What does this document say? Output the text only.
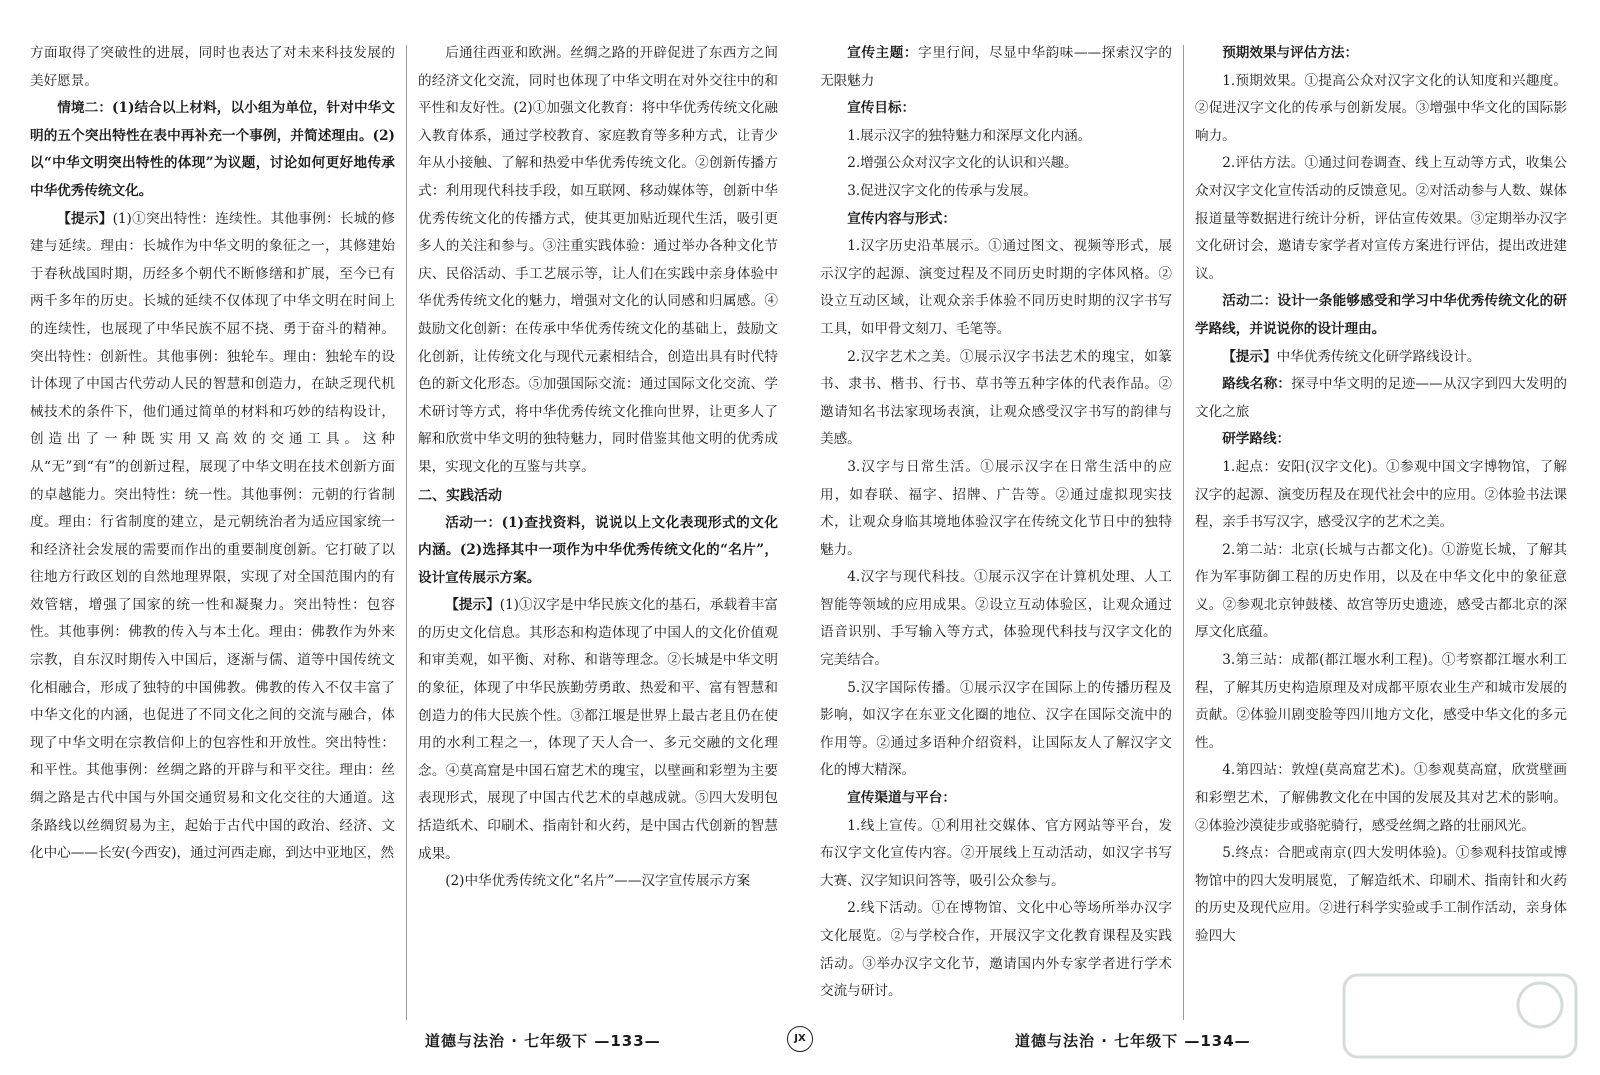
方面取得了突破性的进展，同时也表达了对未来科技发展的美好愿景。

情境二：(1)结合以上材料，以小组为单位，针对中华文明的五个突出特性在表中再补充一个事例，并简述理由。(2)以“中华文明突出特性的体现”为议题，讨论如何更好地传承中华优秀传统文化。

【提示】(1)①突出特性：连续性。其他事例：长城的修建与延续。理由：长城作为中华文明的象征之一，其修建始于春秋战国时期，历经多个朝代不断修缮和扩展，至今已有两千多年的历史。长城的延续不仅体现了中华文明在时间上的连续性，也展现了中华民族不屈不挠、勇于奋斗的精神。突出特性：创新性。其他事例：独轮车。理由：独轮车的设计体现了中国古代劳动人民的智慧和创造力，在缺乏现代机械技术的条件下，他们通过简单的材料和巧妙的结构设计，创造出了一种既实用又高效的交通工具。这种从“无”到“有”的创新过程，展现了中华文明在技术创新方面的卓越能力。突出特性：统一性。其他事例：元朝的行省制度。理由：行省制度的建立，是元朝统治者为适应国家统一和经济社会发展的需要而作出的重要制度创新。它打破了以往地方行政区划的自然地理界限，实现了对全国范围内的有效管辖，增强了国家的统一性和凝聚力。突出特性：包容性。其他事例：佛教的传入与本土化。理由：佛教作为外来宗教，自东汉时期传入中国后，逐渐与儒、道等中国传统文化相融合，形成了独特的中国佛教。佛教的传入不仅丰富了中华文化的内涵，也促进了不同文化之间的交流与融合，体现了中华文明在宗教信仰上的包容性和开放性。突出特性：和平性。其他事例：丝绸之路的开辟与和平交往。理由：丝绸之路是古代中国与外国交通贸易和文化交往的大通道。这条路线以丝绸贸易为主，起始于古代中国的政治、经济、文化中心——长安(今西安)，通过河西走廊，到达中亚地区，然

后通往西亚和欧洲。丝绸之路的开辟促进了东西方之间的经济文化交流，同时也体现了中华文明在对外交往中的和平性和友好性。(2)①加强文化教育：将中华优秀传统文化融入教育体系，通过学校教育、家庭教育等多种方式，让青少年从小接触、了解和热爱中华优秀传统文化。②创新传播方式：利用现代科技手段，如互联网、移动媒体等，创新中华优秀传统文化的传播方式，使其更加贴近现代生活，吸引更多人的关注和参与。③注重实践体验：通过举办各种文化节庆、民俗活动、手工艺展示等，让人们在实践中亲身体验中华优秀传统文化的魅力，增强对文化的认同感和归属感。④鼓励文化创新：在传承中华优秀传统文化的基础上，鼓励文化创新，让传统文化与现代元素相结合，创造出具有时代特色的新文化形态。⑤加强国际交流：通过国际文化交流、学术研讨等方式，将中华优秀传统文化推向世界，让更多人了解和欣赏中华文明的独特魅力，同时借鉴其他文明的优秀成果，实现文化的互鉴与共享。

二、实践活动

活动一：(1)查找资料，说说以上文化表现形式的文化内涵。(2)选择其中一项作为中华优秀传统文化的“名片”，设计宣传展示方案。

【提示】(1)①汉字是中华民族文化的基石，承载着丰富的历史文化信息。其形态和构造体现了中国人的文化价值观和审美观，如平衡、对称、和谐等理念。②长城是中华文明的象征，体现了中华民族勤劳勇敢、热爱和平、富有智慧和创造力的伟大民族个性。③都江堰是世界上最古老且仍在使用的水利工程之一，体现了天人合一、多元交融的文化理念。④莫高窟是中国石窟艺术的瑰宝，以壁画和彩塑为主要表现形式，展现了中国古代艺术的卓越成就。⑤四大发明包括造纸术、印刷术、指南针和火药，是中国古代创新的智慧成果。

(2)中华优秀传统文化“名片”——汉字宣传展示方案

道德与法治 · 七年级下 —133—	JX

宣传主题：字里行间，尽显中华韵味——探索汉字的无限魅力

宣传目标：

1.展示汉字的独特魅力和深厚文化内涵。

2.增强公众对汉字文化的认识和兴趣。

3.促进汉字文化的传承与发展。

宣传内容与形式：

1.汉字历史沿革展示。①通过图文、视频等形式，展示汉字的起源、演变过程及不同历史时期的字体风格。②设立互动区域，让观众亲手体验不同历史时期的汉字书写工具，如甲骨文刻刀、毛笔等。

2.汉字艺术之美。①展示汉字书法艺术的瑰宝，如篆书、隶书、楷书、行书、草书等五种字体的代表作品。②邀请知名书法家现场表演，让观众感受汉字书写的韵律与美感。

3.汉字与日常生活。①展示汉字在日常生活中的应用，如春联、福字、招牌、广告等。②通过虚拟现实技术，让观众身临其境地体验汉字在传统文化节日中的独特魅力。

4.汉字与现代科技。①展示汉字在计算机处理、人工智能等领域的应用成果。②设立互动体验区，让观众通过语音识别、手写输入等方式，体验现代科技与汉字文化的完美结合。

5.汉字国际传播。①展示汉字在国际上的传播历程及影响，如汉字在东亚文化圈的地位、汉字在国际交流中的作用等。②通过多语种介绍资料，让国际友人了解汉字文化的博大精深。

宣传渠道与平台：

1.线上宣传。①利用社交媒体、官方网站等平台，发布汉字文化宣传内容。②开展线上互动活动，如汉字书写大赛、汉字知识问答等，吸引公众参与。

2.线下活动。①在博物馆、文化中心等场所举办汉字文化展览。②与学校合作，开展汉字文化教育课程及实践活动。③举办汉字文化节，邀请国内外专家学者进行学术交流与研讨。

预期效果与评估方法：

1.预期效果。①提高公众对汉字文化的认知度和兴趣度。②促进汉字文化的传承与创新发展。③增强中华文化的国际影响力。

2.评估方法。①通过问卷调查、线上互动等方式，收集公众对汉字文化宣传活动的反馈意见。②对活动参与人数、媒体报道量等数据进行统计分析，评估宣传效果。③定期举办汉字文化研讨会，邀请专家学者对宣传方案进行评估，提出改进建议。

活动二：设计一条能够感受和学习中华优秀传统文化的研学路线，并说说你的设计理由。

【提示】中华优秀传统文化研学路线设计。

路线名称：探寻中华文明的足迹——从汉字到四大发明的文化之旅

研学路线：

1.起点：安阳(汉字文化)。①参观中国文字博物馆，了解汉字的起源、演变历程及在现代社会中的应用。②体验书法课程，亲手书写汉字，感受汉字的艺术之美。

2.第二站：北京(长城与古都文化)。①游览长城，了解其作为军事防御工程的历史作用，以及在中华文化中的象征意义。②参观北京钟鼓楼、故宫等历史遗迹，感受古都北京的深厚文化底蕴。

3.第三站：成都(都江堰水利工程)。①考察都江堰水利工程，了解其历史构造原理及对成都平原农业生产和城市发展的贡献。②体验川剧变脸等四川地方文化，感受中华文化的多元性。

4.第四站：敦煌(莫高窟艺术)。①参观莫高窟，欣赏壁画和彩塑艺术，了解佛教文化在中国的发展及其对艺术的影响。②体验沙漠徒步或骆驼骑行，感受丝绸之路的壮丽风光。

5.终点：合肥或南京(四大发明体验)。①参观科技馆或博物馆中的四大发明展览，了解造纸术、印刷术、指南针和火药的历史及现代应用。②进行科学实验或手工制作活动，亲身体验四大

道德与法治 · 七年级下 —134—
